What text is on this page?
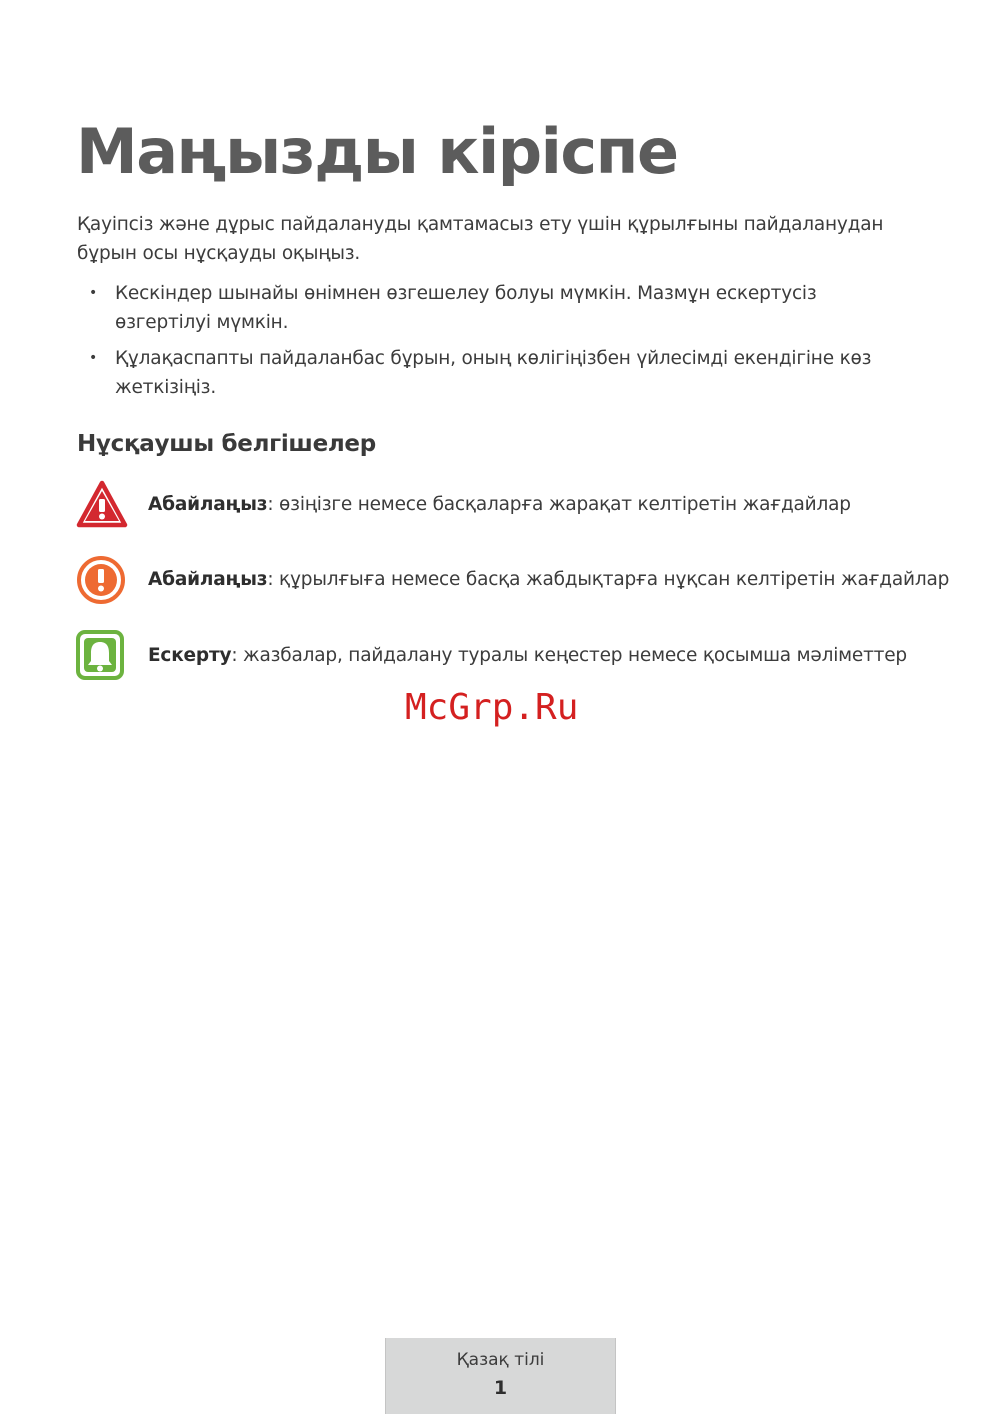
Маңызды кіріспе

Қауіпсіз және дұрыс пайдалануды қамтамасыз ету үшін құрылғыны пайдаланудан бұрын осы нұсқауды оқыңыз.

• Кескіндер шынайы өнімнен өзгешелеу болуы мүмкін. Мазмұн ескертусіз өзгертілуі мүмкін.
• Құлақаспапты пайдаланбас бұрын, оның көлігіңізбен үйлесімді екендігіне көз жеткізіңіз.
Нұсқаушы белгішелер
Абайлаңыз: өзіңізге немесе басқаларға жарақат келтіретін жағдайлар
Абайлаңыз: құрылғыға немесе басқа жабдықтарға нұқсан келтіретін жағдайлар
Ескерту: жазбалар, пайдалану туралы кеңестер немесе қосымша мәліметтер
McGrp.Ru
Қазақ тілі
1
